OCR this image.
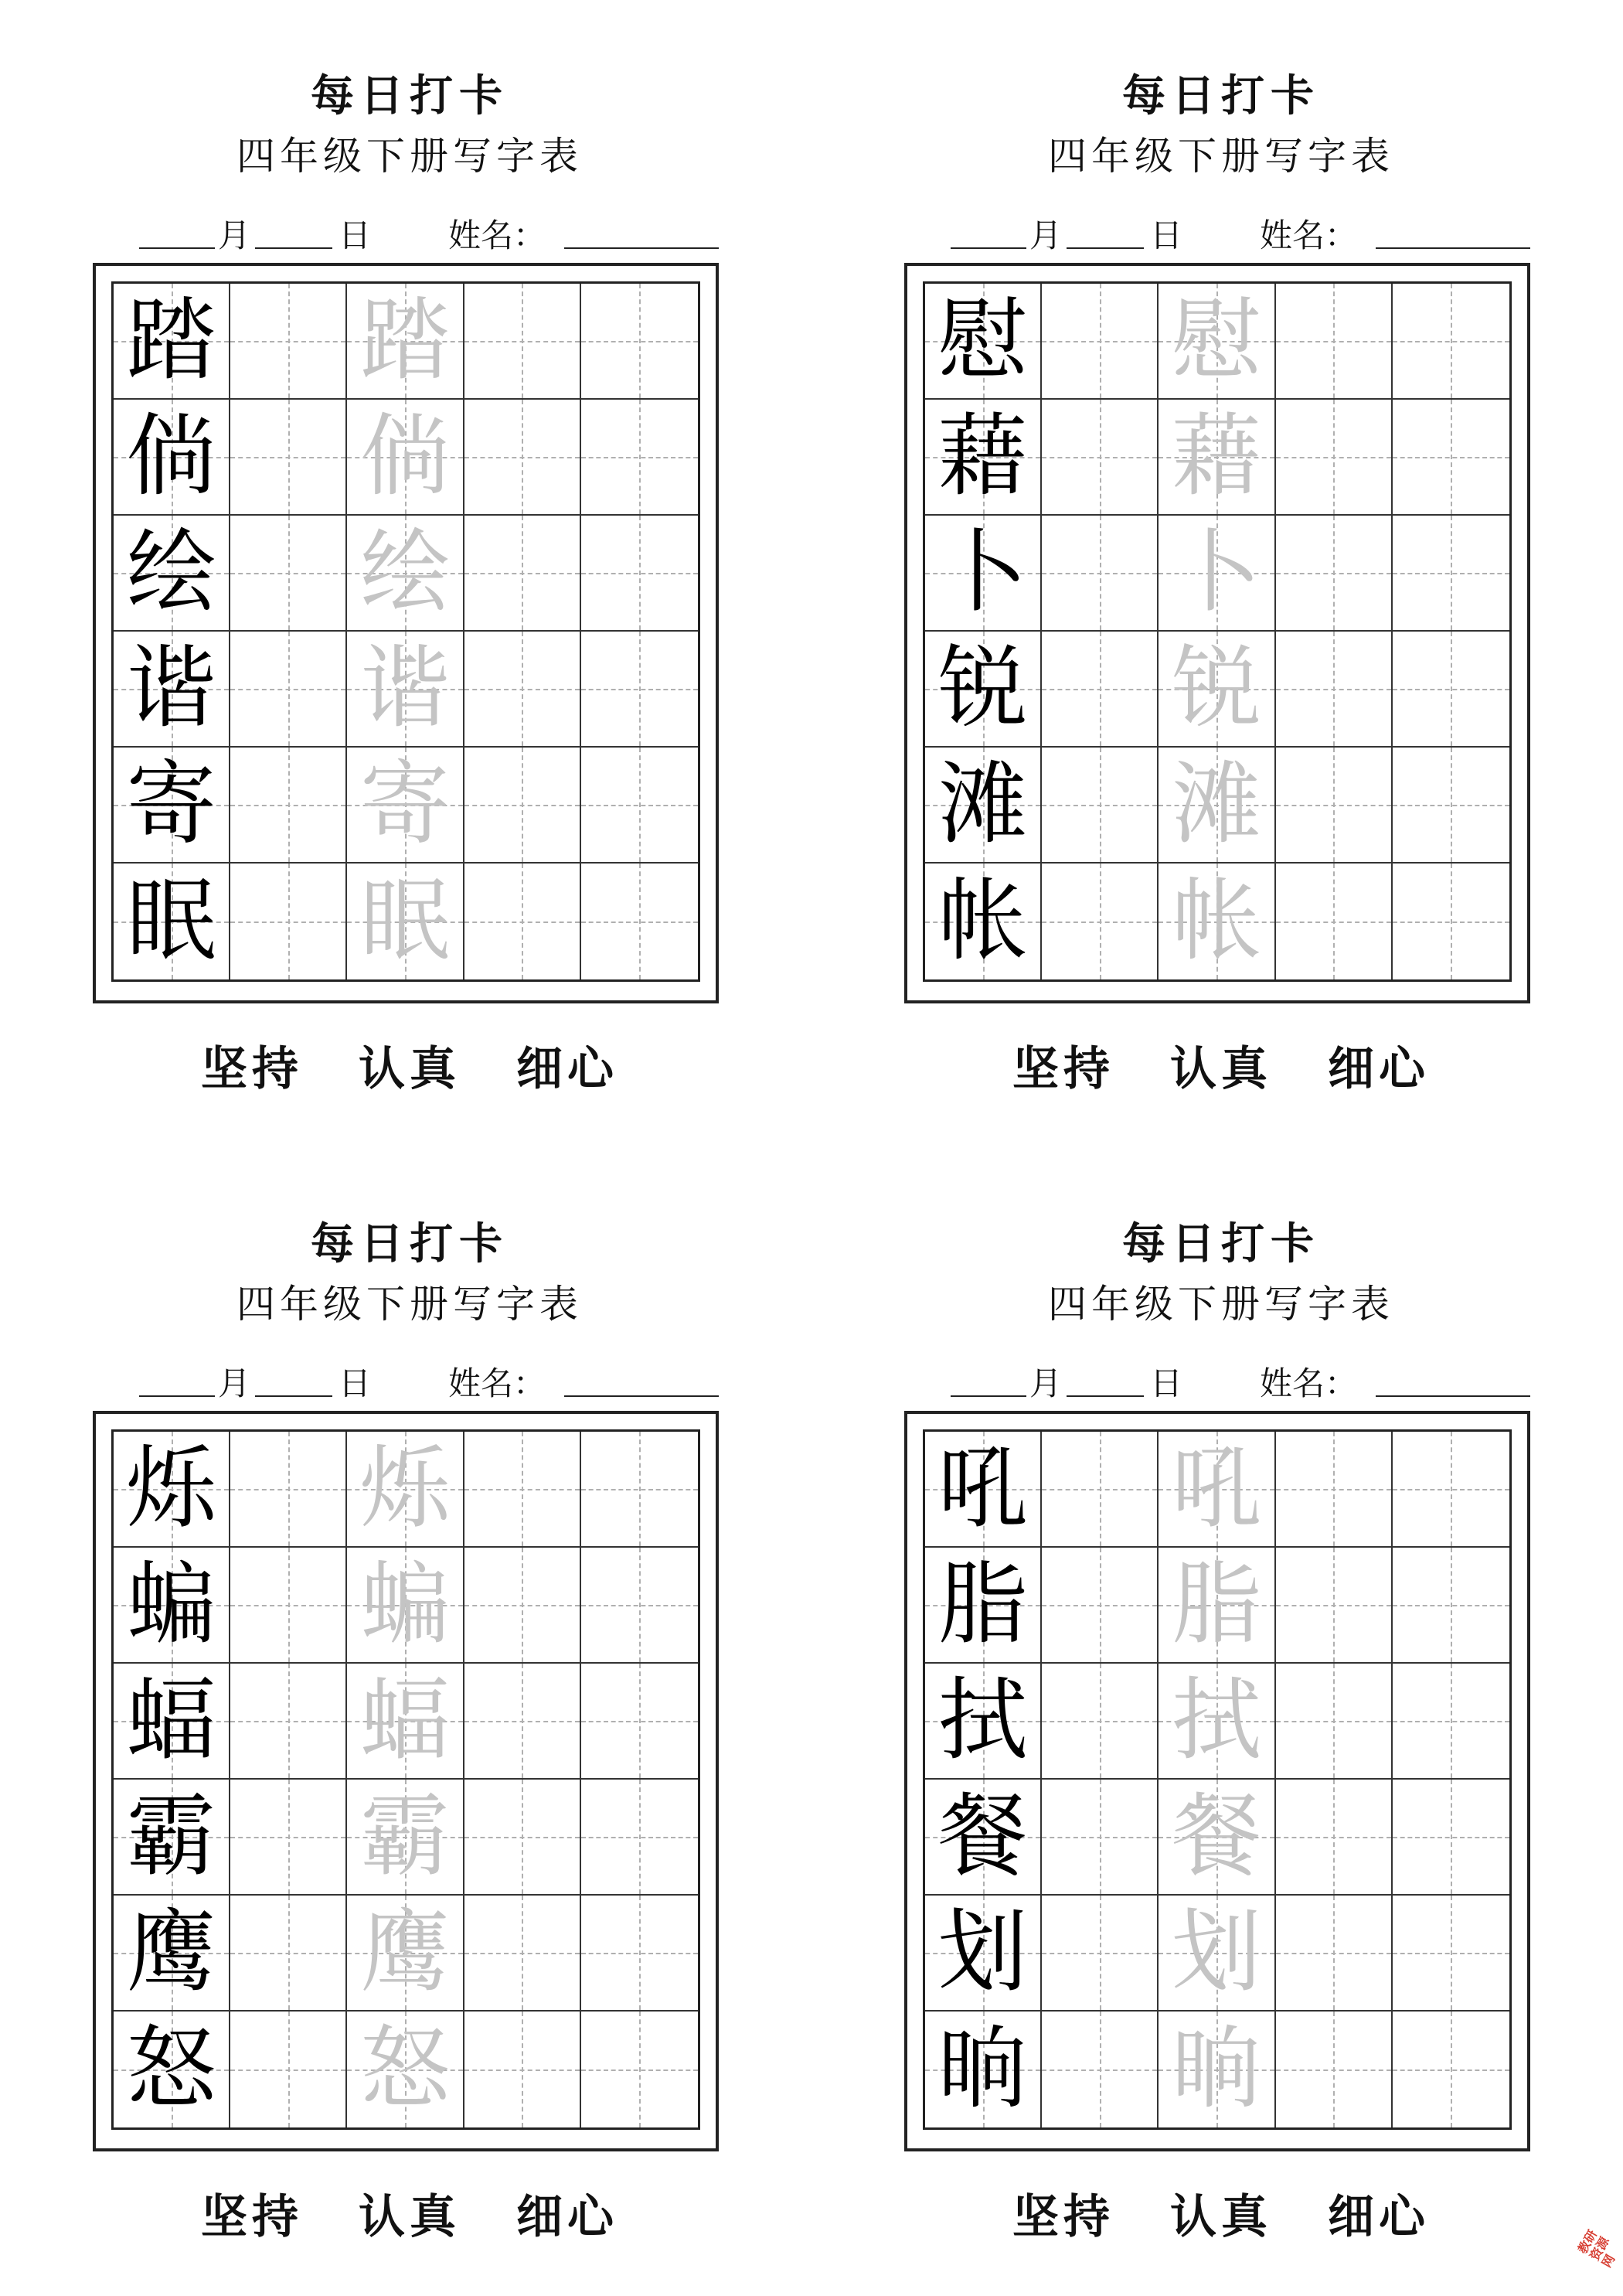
每日打卡
四年级下册写字表
月	日 姓名：
踏 踏
倘 倘
绘 绘
谐 谐
寄 寄
眠 眠
坚持 认真 细心
每日打卡
四年级下册写字表
月	日 姓名：
慰 慰
藉 藉
卜 卜
锐 锐
滩 滩
帐 帐
坚持 认真 细心
每日打卡
四年级下册写字表
月	日 姓名：
烁 烁
蝙 蝙
蝠 蝠
霸 霸
鹰 鹰
怒 怒
坚持 认真 细心
每日打卡
四年级下册写字表
月	日 姓名：
吼 吼
脂 脂
拭 拭
餐 餐
划 划
晌 晌
坚持 认真 细心	教研资源网
